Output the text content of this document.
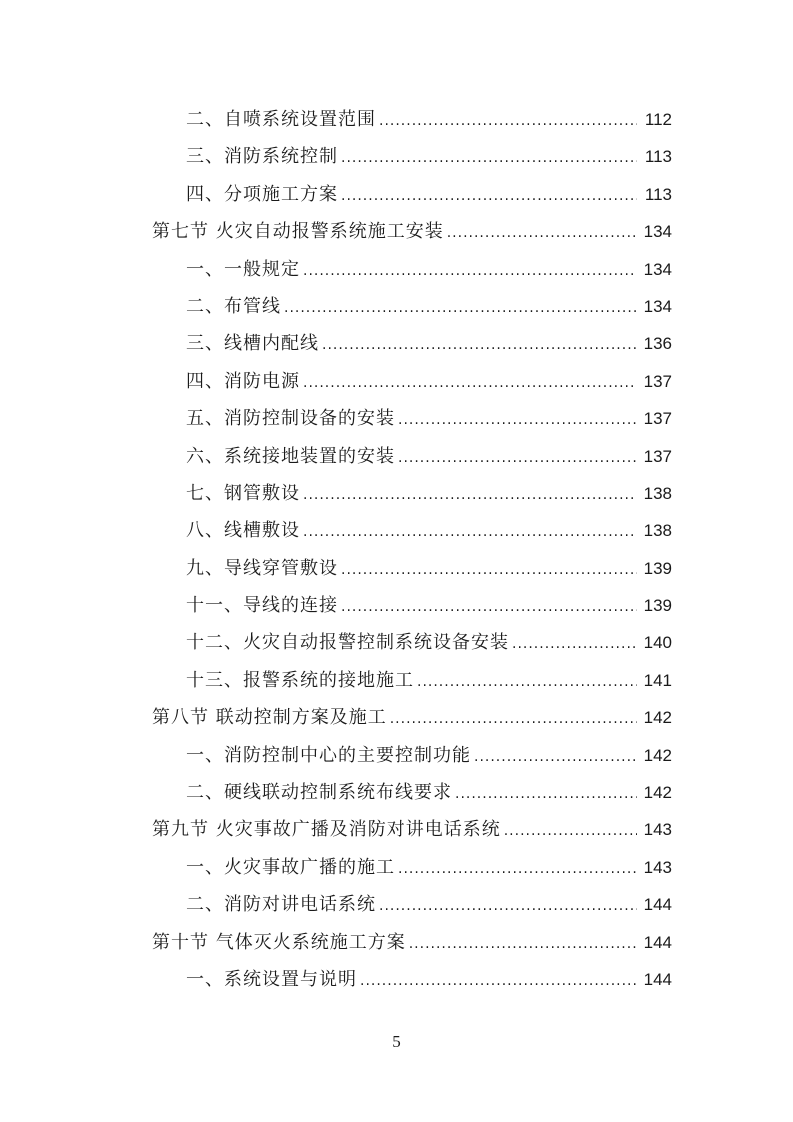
二、自喷系统设置范围 .....	112
三、消防系统控制 .....	113
四、分项施工方案 .....	113
第七节 火灾自动报警系统施工安装 .....	134
一、一般规定 .....	134
二、布管线 .....	134
三、线槽内配线 .....	136
四、消防电源 .....	137
五、消防控制设备的安装 .....	137
六、系统接地装置的安装 .....	137
七、钢管敷设 .....	138
八、线槽敷设 .....	138
九、导线穿管敷设 .....	139
十一、导线的连接 .....	139
十二、火灾自动报警控制系统设备安装 .....	140
十三、报警系统的接地施工 .....	141
第八节 联动控制方案及施工 .....	142
一、消防控制中心的主要控制功能 .....	142
二、硬线联动控制系统布线要求 .....	142
第九节 火灾事故广播及消防对讲电话系统 .....	143
一、火灾事故广播的施工 .....	143
二、消防对讲电话系统 .....	144
第十节 气体灭火系统施工方案 .....	144
一、系统设置与说明 .....	144
5
